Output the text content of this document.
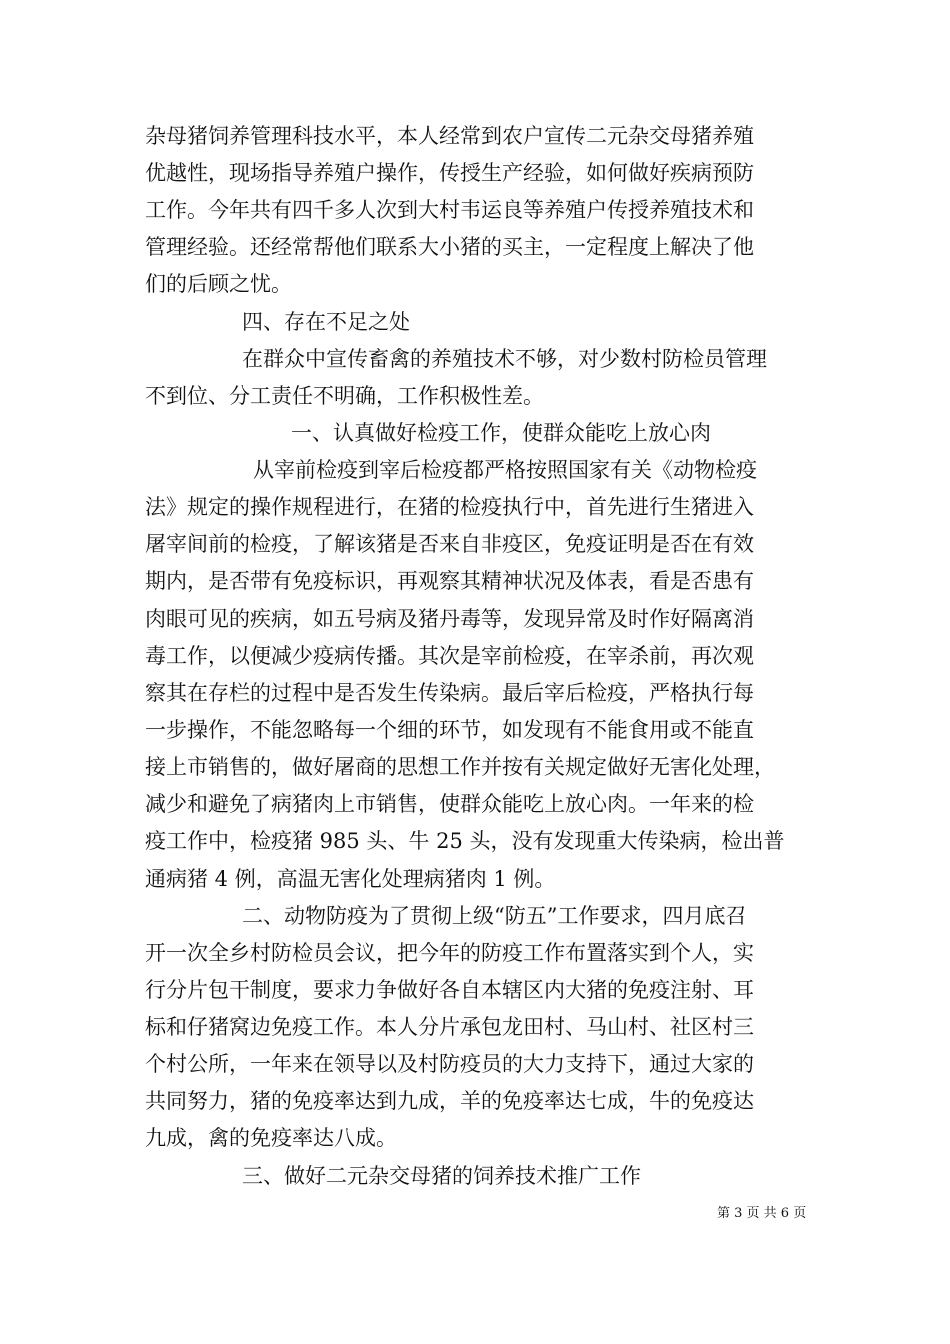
杂母猪饲养管理科技水平，本人经常到农户宣传二元杂交母猪养殖
优越性，现场指导养殖户操作，传授生产经验，如何做好疾病预防
工作。今年共有四千多人次到大村韦运良等养殖户传授养殖技术和
管理经验。还经常帮他们联系大小猪的买主，一定程度上解决了他
们的后顾之忧。
四、存在不足之处
在群众中宣传畜禽的养殖技术不够，对少数村防检员管理
不到位、分工责任不明确，工作积极性差。
一、认真做好检疫工作，使群众能吃上放心肉
从宰前检疫到宰后检疫都严格按照国家有关《动物检疫
法》规定的操作规程进行，在猪的检疫执行中，首先进行生猪进入
屠宰间前的检疫，了解该猪是否来自非疫区，免疫证明是否在有效
期内，是否带有免疫标识，再观察其精神状况及体表，看是否患有
肉眼可见的疾病，如五号病及猪丹毒等，发现异常及时作好隔离消
毒工作，以便减少疫病传播。其次是宰前检疫，在宰杀前，再次观
察其在存栏的过程中是否发生传染病。最后宰后检疫，严格执行每
一步操作，不能忽略每一个细的环节，如发现有不能食用或不能直
接上市销售的，做好屠商的思想工作并按有关规定做好无害化处理，
减少和避免了病猪肉上市销售，使群众能吃上放心肉。一年来的检
疫工作中，检疫猪 985 头、牛 25 头，没有发现重大传染病，检出普
通病猪 4 例，高温无害化处理病猪肉 1 例。
二、动物防疫为了贯彻上级“防五”工作要求，四月底召
开一次全乡村防检员会议，把今年的防疫工作布置落实到个人，实
行分片包干制度，要求力争做好各自本辖区内大猪的免疫注射、耳
标和仔猪窝边免疫工作。本人分片承包龙田村、马山村、社区村三
个村公所，一年来在领导以及村防疫员的大力支持下，通过大家的
共同努力，猪的免疫率达到九成，羊的免疫率达七成，牛的免疫达
九成，禽的免疫率达八成。
三、做好二元杂交母猪的饲养技术推广工作
第 3 页 共 6 页
